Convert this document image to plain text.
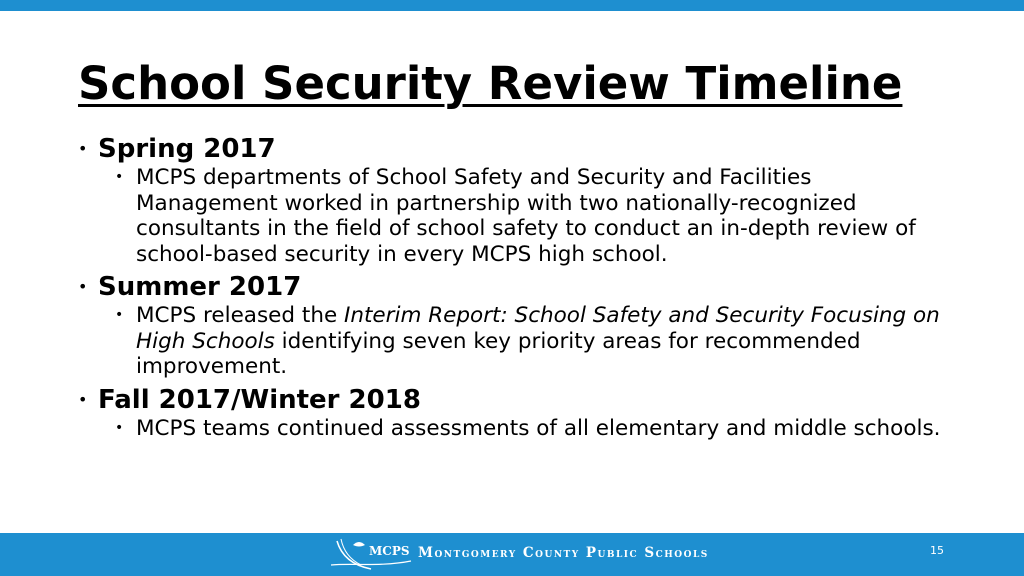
School Security Review Timeline
• Spring 2017
• MCPS departments of School Safety and Security and Facilities Management worked in partnership with two nationally-recognized consultants in the field of school safety to conduct an in-depth review of school-based security in every MCPS high school.
• Summer 2017
• MCPS released the Interim Report: School Safety and Security Focusing on High Schools identifying seven key priority areas for recommended improvement.
• Fall 2017/Winter 2018
• MCPS teams continued assessments of all elementary and middle schools.
MCPS Montgomery County Public Schools	15
